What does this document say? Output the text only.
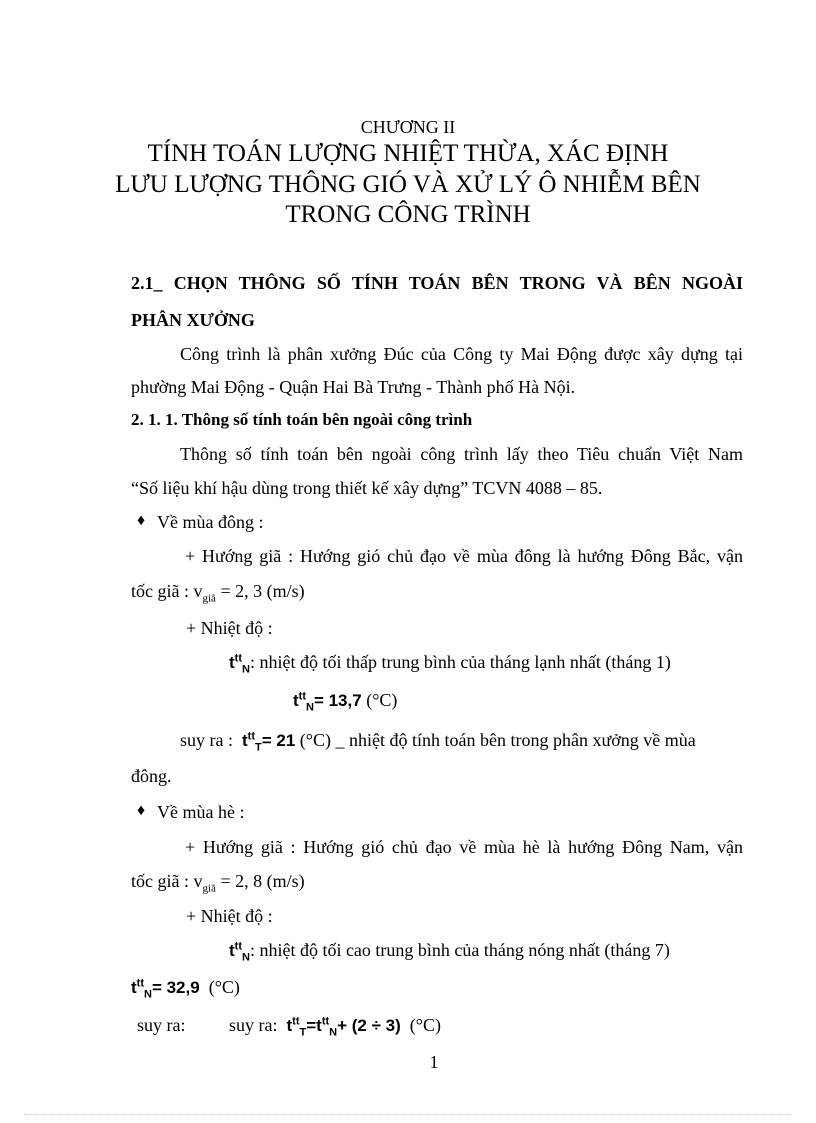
CHƯƠNG II
TÍNH TOÁN LƯỢNG NHIỆT THỪA, XÁC ĐỊNH
LƯU LƯỢNG THÔNG GIÓ VÀ XỬ LÝ Ô NHIỄM BÊN
TRONG CÔNG TRÌNH
2.1_ CHỌN THÔNG SỐ TÍNH TOÁN BÊN TRONG VÀ BÊN NGOÀI
PHÂN XƯỞNG
Công trình là phân xưởng Đúc của Công ty Mai Động được xây dựng tại
phường Mai Động - Quận Hai Bà Trưng - Thành phố Hà Nội.
2. 1. 1. Thông số tính toán bên ngoài công trình
Thông số tính toán bên ngoài công trình lấy theo Tiêu chuẩn Việt Nam
“Số liệu khí hậu dùng trong thiết kế xây dựng” TCVN 4088 – 85.
♦ Về mùa đông :
+ Hướng giã : Hướng gió chủ đạo về mùa đông là hướng Đông Bắc, vận
tốc giã : $v_{giã} = 2$, 3 (m/s)
+ Nhiệt độ :
$t^{tt}_N$: nhiệt độ tối thấp trung bình của tháng lạnh nhất (tháng 1)
$t^{tt}_N= 13,7$ (°C)
suy ra : $t^{tt}_T= 21$ (°C) _ nhiệt độ tính toán bên trong phân xưởng về mùa
đông.
♦ Về mùa hè :
+ Hướng giã : Hướng gió chủ đạo về mùa hè là hướng Đông Nam, vận
tốc giã : $v_{giã} = 2$, 8 (m/s)
+ Nhiệt độ :
$t^{tt}_N$: nhiệt độ tối cao trung bình của tháng nóng nhất (tháng 7)
$t^{tt}_N= 32,9$ (°C)
suy ra: suy ra: $t^{tt}_T=t^{tt}_N+ (2 \div 3)$ (°C)
1
